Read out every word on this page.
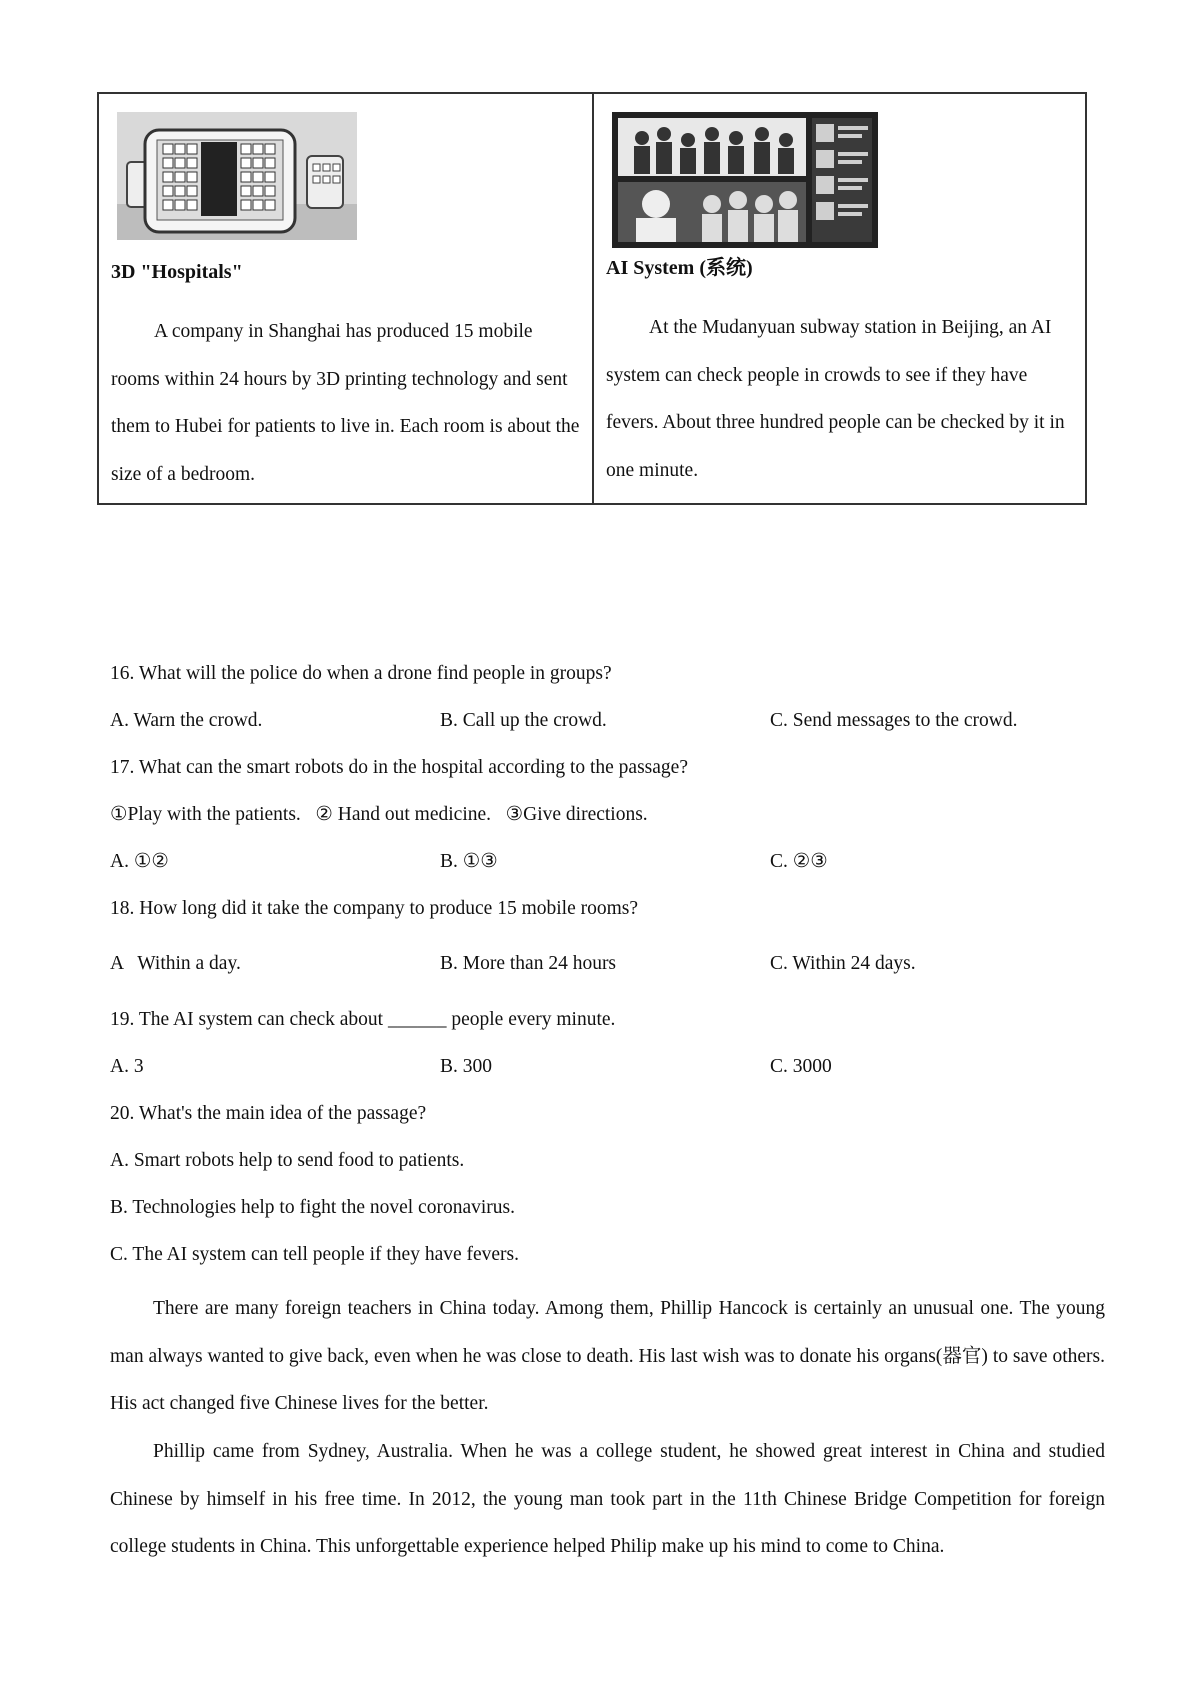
3D "Hospitals"

A company in Shanghai has produced 15 mobile rooms within 24 hours by 3D printing technology and sent them to Hubei for patients to live in. Each room is about the size of a bedroom.

AI System (系统)

At the Mudanyuan subway station in Beijing, an AI system can check people in crowds to see if they have fevers. About three hundred people can be checked by it in one minute.

16. What will the police do when a drone find people in groups?
A. Warn the crowd.	B. Call up the crowd.	C. Send messages to the crowd.
17. What can the smart robots do in the hospital according to the passage?
①Play with the patients.   ② Hand out medicine.   ③Give directions.
A. ①②	B. ①③	C. ②③
18. How long did it take the company to produce 15 mobile rooms?
A   Within a day.	B. More than 24 hours	C. Within 24 days.
19. The AI system can check about ______ people every minute.
A. 3	B. 300	C. 3000
20. What's the main idea of the passage?
A. Smart robots help to send food to patients.
B. Technologies help to fight the novel coronavirus.
C. The AI system can tell people if they have fevers.

There are many foreign teachers in China today. Among them, Phillip Hancock is certainly an unusual one. The young man always wanted to give back, even when he was close to death. His last wish was to donate his organs(器官) to save others. His act changed five Chinese lives for the better.

Phillip came from Sydney, Australia. When he was a college student, he showed great interest in China and studied Chinese by himself in his free time. In 2012, the young man took part in the 11th Chinese Bridge Competition for foreign college students in China. This unforgettable experience helped Philip make up his mind to come to China.
